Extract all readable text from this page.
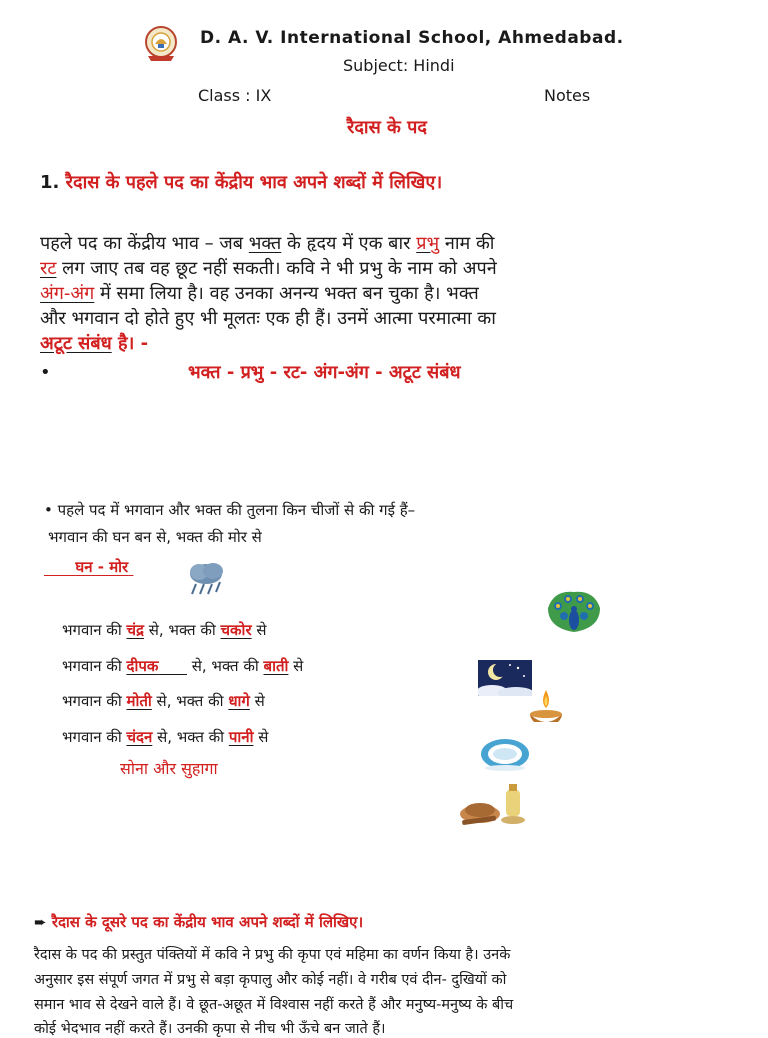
D. A. V. International School, Ahmedabad.
Subject: Hindi
Class : IX	Notes
रैदास के पद
1. रैदास के पहले पद का केंद्रीय भाव अपने शब्दों में लिखिए।
पहले पद का केंद्रीय भाव – जब भक्त के हृदय में एक बार प्रभु नाम की
रट लग जाए तब वह छूट नहीं सकती। कवि ने भी प्रभु के नाम को अपने
अंग-अंग में समा लिया है। वह उनका अनन्य भक्त बन चुका है। भक्त
और भगवान दो होते हुए भी मूलतः एक ही हैं। उनमें आत्मा परमात्मा का
अटूट संबंध है। -
•	भक्त - प्रभु - रट- अंग-अंग - अटूट संबंध
• पहले पद में भगवान और भक्त की तुलना किन चीजों से की गई हैं–
भगवान की घन बन से, भक्त की मोर से
घन - मोर
भगवान की चंद्र से, भक्त की चकोर से
भगवान की दीपक       से, भक्त की बाती से
भगवान की मोती से, भक्त की धागे से
भगवान की चंदन से, भक्त की पानी से
सोना और सुहागा
➨ रैदास के दूसरे पद का केंद्रीय भाव अपने शब्दों में लिखिए।
रैदास के पद की प्रस्तुत पंक्तियों में कवि ने प्रभु की कृपा एवं महिमा का वर्णन किया है। उनके
अनुसार इस संपूर्ण जगत में प्रभु से बड़ा कृपालु और कोई नहीं। वे गरीब एवं दीन- दुखियों को
समान भाव से देखने वाले हैं। वे छूत-अछूत में विश्वास नहीं करते हैं और मनुष्य-मनुष्य के बीच
कोई भेदभाव नहीं करते हैं। उनकी कृपा से नीच भी ऊँचे बन जाते हैं।
